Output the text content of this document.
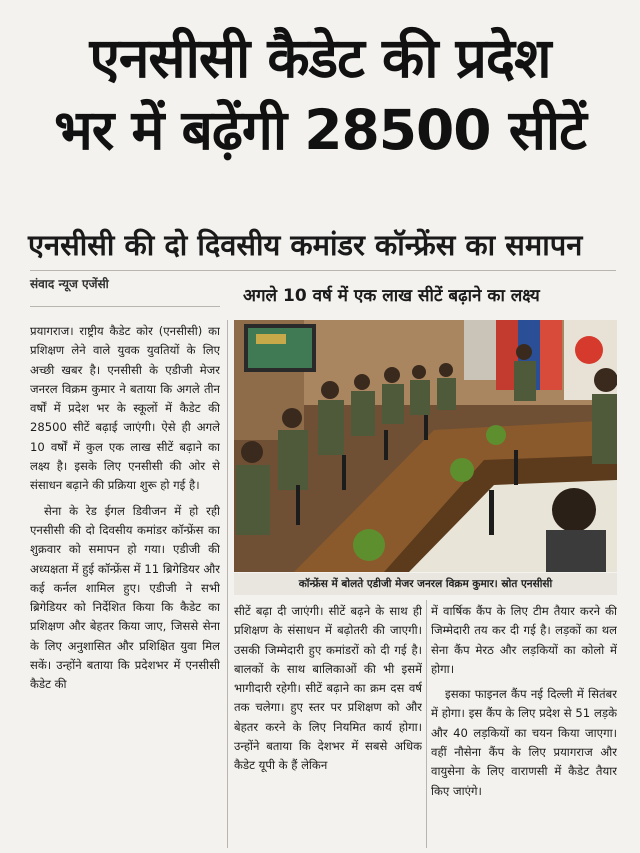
एनसीसी कैडेट की प्रदेश
भर में बढ़ेंगी 28500 सीटें
एनसीसी की दो दिवसीय कमांडर कॉन्फ्रेंस का समापन
संवाद न्यूज एजेंसी
अगले 10 वर्ष में एक लाख सीटें बढ़ाने का लक्ष्य

प्रयागराज। राष्ट्रीय कैडेट कोर (एनसीसी) का प्रशिक्षण लेने वाले युवक युवतियों के लिए अच्छी खबर है। एनसीसी के एडीजी मेजर जनरल विक्रम कुमार ने बताया कि अगले तीन वर्षों में प्रदेश भर के स्कूलों में कैडेट की 28500 सीटें बढ़ाई जाएंगी। ऐसे ही अगले 10 वर्षों में कुल एक लाख सीटें बढ़ाने का लक्ष्य है। इसके लिए एनसीसी की ओर से संसाधन बढ़ाने की प्रक्रिया शुरू हो गई है।

सेना के रेड ईगल डिवीजन में हो रही एनसीसी की दो दिवसीय कमांडर कॉन्फ्रेंस का शुक्रवार को समापन हो गया। एडीजी की अध्यक्षता में हुई कॉन्फ्रेंस में 11 ब्रिगेडियर और कई कर्नल शामिल हुए। एडीजी ने सभी ब्रिगेडियर को निर्देशित किया कि कैडेट का प्रशिक्षण और बेहतर किया जाए, जिससे सेना के लिए अनुशासित और प्रशिक्षित युवा मिल सकें। उन्होंने बताया कि प्रदेशभर में एनसीसी कैडेट की

कॉन्फ्रेंस में बोलते एडीजी मेजर जनरल विक्रम कुमार। स्रोत एनसीसी

सीटें बढ़ा दी जाएंगी। सीटें बढ़ने के साथ ही प्रशिक्षण के संसाधन में बढ़ोतरी की जाएगी। उसकी जिम्मेदारी हुए कमांडरों को दी गई है। बालकों के साथ बालिकाओं की भी इसमें भागीदारी रहेगी। सीटें बढ़ाने का क्रम दस वर्ष तक चलेगा। हुए स्तर पर प्रशिक्षण को और बेहतर करने के लिए नियमित कार्य होगा। उन्होंने बताया कि देशभर में सबसे अधिक कैडेट यूपी के हैं लेकिन

में वार्षिक कैंप के लिए टीम तैयार करने की जिम्मेदारी तय कर दी गई है। लड़कों का थल सेना कैंप मेरठ और लड़कियों का कोलो में होगा।

इसका फाइनल कैंप नई दिल्ली में सितंबर में होगा। इस कैंप के लिए प्रदेश से 51 लड़के और 40 लड़कियों का चयन किया जाएगा। वहीं नौसेना कैंप के लिए प्रयागराज और वायुसेना के लिए वाराणसी में कैडेट तैयार किए जाएंगे।
